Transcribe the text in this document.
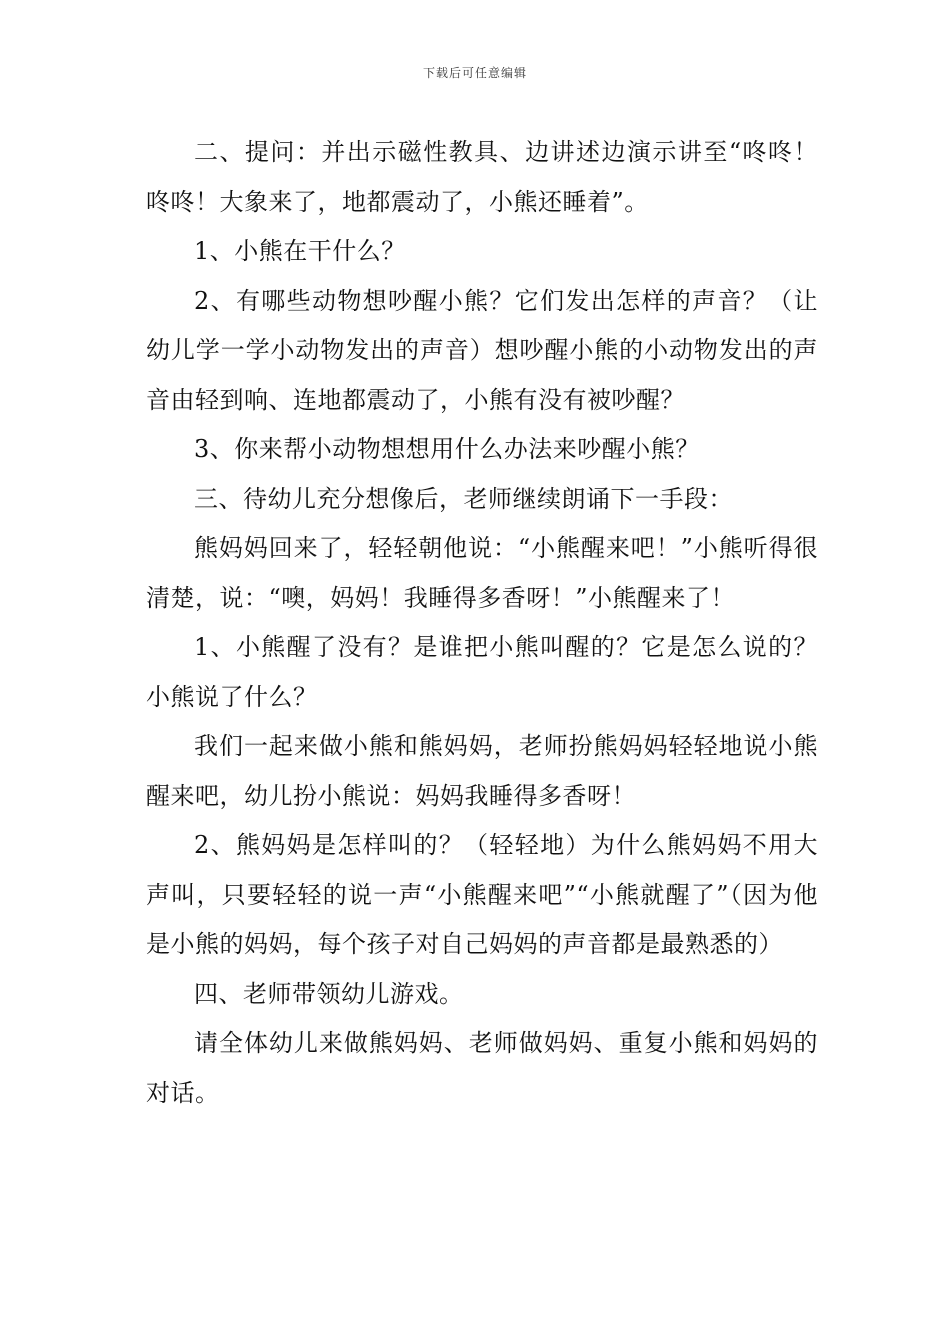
下载后可任意编辑

二、提问：并出示磁性教具、边讲述边演示讲至“咚咚！咚咚！大象来了，地都震动了，小熊还睡着”。

1、小熊在干什么？

2、有哪些动物想吵醒小熊？它们发出怎样的声音？（让幼儿学一学小动物发出的声音）想吵醒小熊的小动物发出的声音由轻到响、连地都震动了，小熊有没有被吵醒？

3、你来帮小动物想想用什么办法来吵醒小熊？

三、待幼儿充分想像后，老师继续朗诵下一手段：

熊妈妈回来了，轻轻朝他说：“小熊醒来吧！”小熊听得很清楚，说：“噢，妈妈！我睡得多香呀！”小熊醒来了！

1、小熊醒了没有？是谁把小熊叫醒的？它是怎么说的？小熊说了什么？

我们一起来做小熊和熊妈妈，老师扮熊妈妈轻轻地说小熊醒来吧，幼儿扮小熊说：妈妈我睡得多香呀！

2、熊妈妈是怎样叫的？（轻轻地）为什么熊妈妈不用大声叫，只要轻轻的说一声“小熊醒来吧”“小熊就醒了”（因为他是小熊的妈妈，每个孩子对自己妈妈的声音都是最熟悉的）

四、老师带领幼儿游戏。

请全体幼儿来做熊妈妈、老师做妈妈、重复小熊和妈妈的对话。
